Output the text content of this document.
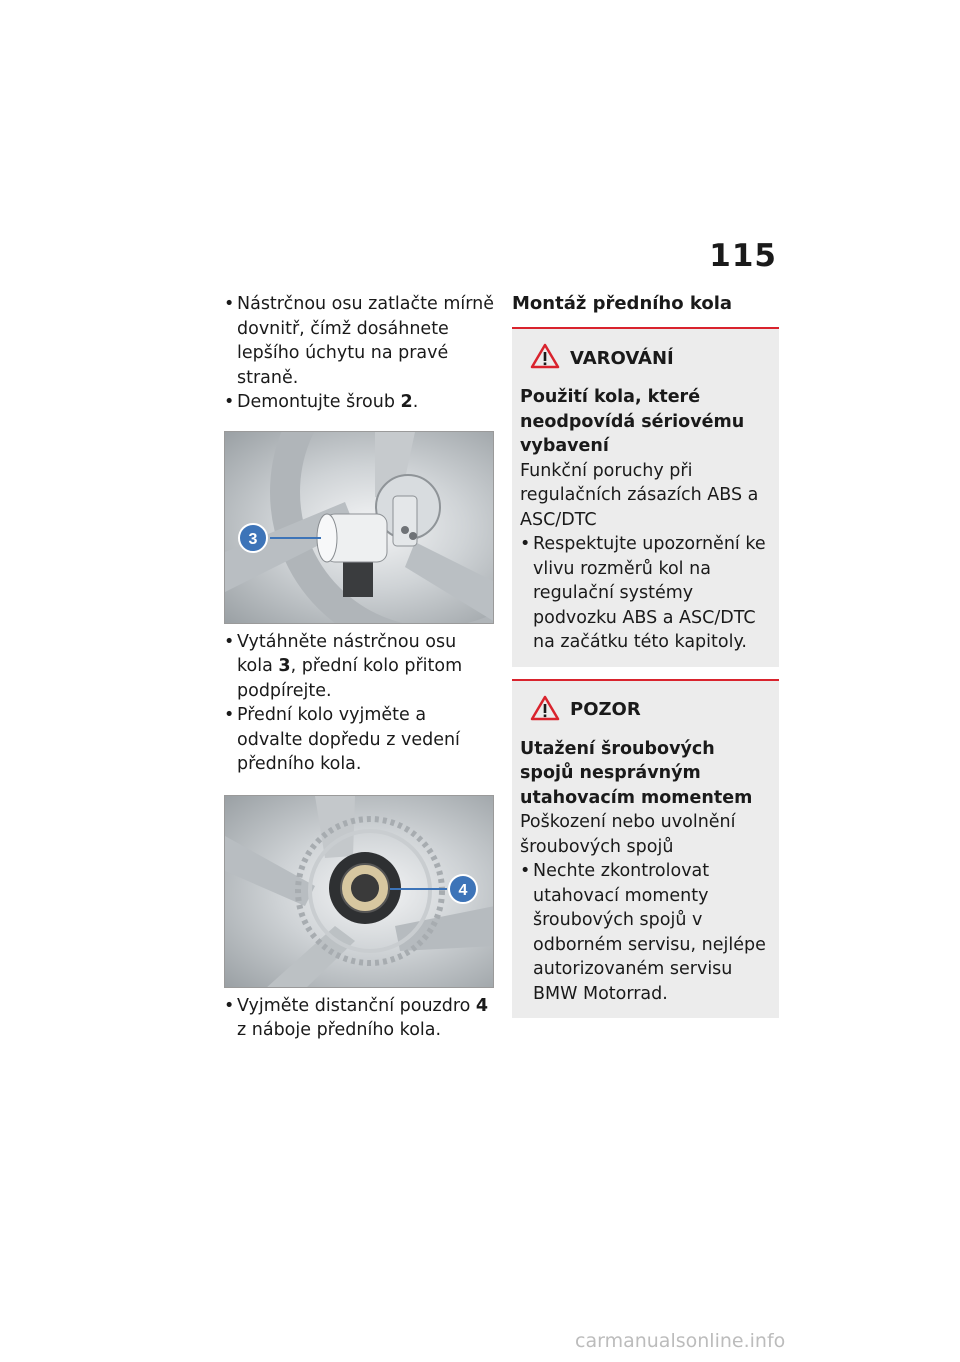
115
• Nástrčnou osu zatlačte mírně dovnitř, čímž dosáhnete lepšího úchytu na pravé straně.
• Demontujte šroub 2.
3
• Vytáhněte nástrčnou osu kola 3, přední kolo přitom podpírejte.
• Přední kolo vyjměte a odvalte dopředu z vedení předního kola.
4
• Vyjměte distanční pouzdro 4 z náboje předního kola.
Montáž předního kola
VAROVÁNÍ

Použití kola, které neodpovídá sériovému vybavení

Funkční poruchy při regulačních zásazích ABS a ASC/DTC

• Respektujte upozornění ke vlivu rozměrů kol na regulační systémy podvozku ABS a ASC/DTC na začátku této kapitoly.
POZOR

Utažení šroubových spojů nesprávným utahovacím momentem

Poškození nebo uvolnění šroubových spojů

• Nechte zkontrolovat utahovací momenty šroubových spojů v odborném servisu, nejlépe autorizovaném servisu BMW Motorrad.
carmanualsonline.info
